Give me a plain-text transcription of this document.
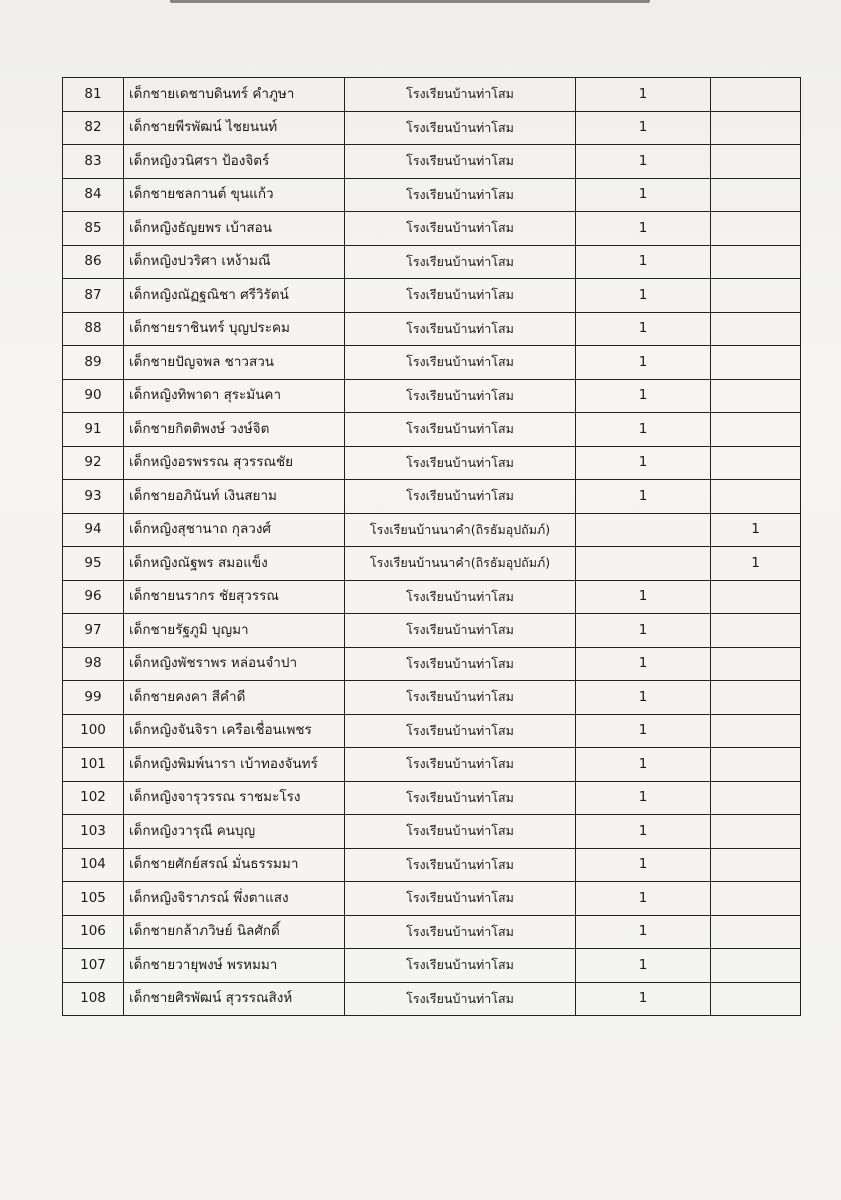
81	เด็กชายเดชาบดินทร์ คำภูษา	โรงเรียนบ้านท่าโสม	1	
82	เด็กชายพีรพัฒน์ ไชยนนท์	โรงเรียนบ้านท่าโสม	1	
83	เด็กหญิงวนิศรา ป้องจิตร์	โรงเรียนบ้านท่าโสม	1	
84	เด็กชายชลกานต์ ขุนแก้ว	โรงเรียนบ้านท่าโสม	1	
85	เด็กหญิงธัญยพร เบ้าสอน	โรงเรียนบ้านท่าโสม	1	
86	เด็กหญิงปวริศา เหง้ามณี	โรงเรียนบ้านท่าโสม	1	
87	เด็กหญิงณัฏฐณิชา ศรีวิรัตน์	โรงเรียนบ้านท่าโสม	1	
88	เด็กชายราชินทร์ บุญประคม	โรงเรียนบ้านท่าโสม	1	
89	เด็กชายปัญจพล ชาวสวน	โรงเรียนบ้านท่าโสม	1	
90	เด็กหญิงทิพาดา สุระมันคา	โรงเรียนบ้านท่าโสม	1	
91	เด็กชายกิตติพงษ์ วงษ์จิต	โรงเรียนบ้านท่าโสม	1	
92	เด็กหญิงอรพรรณ สุวรรณชัย	โรงเรียนบ้านท่าโสม	1	
93	เด็กชายอภินันท์ เงินสยาม	โรงเรียนบ้านท่าโสม	1	
94	เด็กหญิงสุชานาถ กุลวงศ์	โรงเรียนบ้านนาคำ(ถิรธัมอุปถัมภ์)		1
95	เด็กหญิงณัฐพร สมอแข็ง	โรงเรียนบ้านนาคำ(ถิรธัมอุปถัมภ์)		1
96	เด็กชายนรากร ชัยสุวรรณ	โรงเรียนบ้านท่าโสม	1	
97	เด็กชายรัฐภูมิ บุญมา	โรงเรียนบ้านท่าโสม	1	
98	เด็กหญิงพัชราพร หล่อนจำปา	โรงเรียนบ้านท่าโสม	1	
99	เด็กชายคงคา สีคำดี	โรงเรียนบ้านท่าโสม	1	
100	เด็กหญิงจันจิรา เครือเชื่อนเพชร	โรงเรียนบ้านท่าโสม	1	
101	เด็กหญิงพิมพ์นารา เบ้าทองจันทร์	โรงเรียนบ้านท่าโสม	1	
102	เด็กหญิงจารุวรรณ ราชมะโรง	โรงเรียนบ้านท่าโสม	1	
103	เด็กหญิงวารุณี คนบุญ	โรงเรียนบ้านท่าโสม	1	
104	เด็กชายศักย์สรณ์ มั่นธรรมมา	โรงเรียนบ้านท่าโสม	1	
105	เด็กหญิงจิราภรณ์ พึ่งตาแสง	โรงเรียนบ้านท่าโสม	1	
106	เด็กชายกล้าภวิษย์ นิลศักดิ์	โรงเรียนบ้านท่าโสม	1	
107	เด็กชายวายุพงษ์ พรหมมา	โรงเรียนบ้านท่าโสม	1	
108	เด็กชายศิรพัฒน์ สุวรรณสิงห์	โรงเรียนบ้านท่าโสม	1	
